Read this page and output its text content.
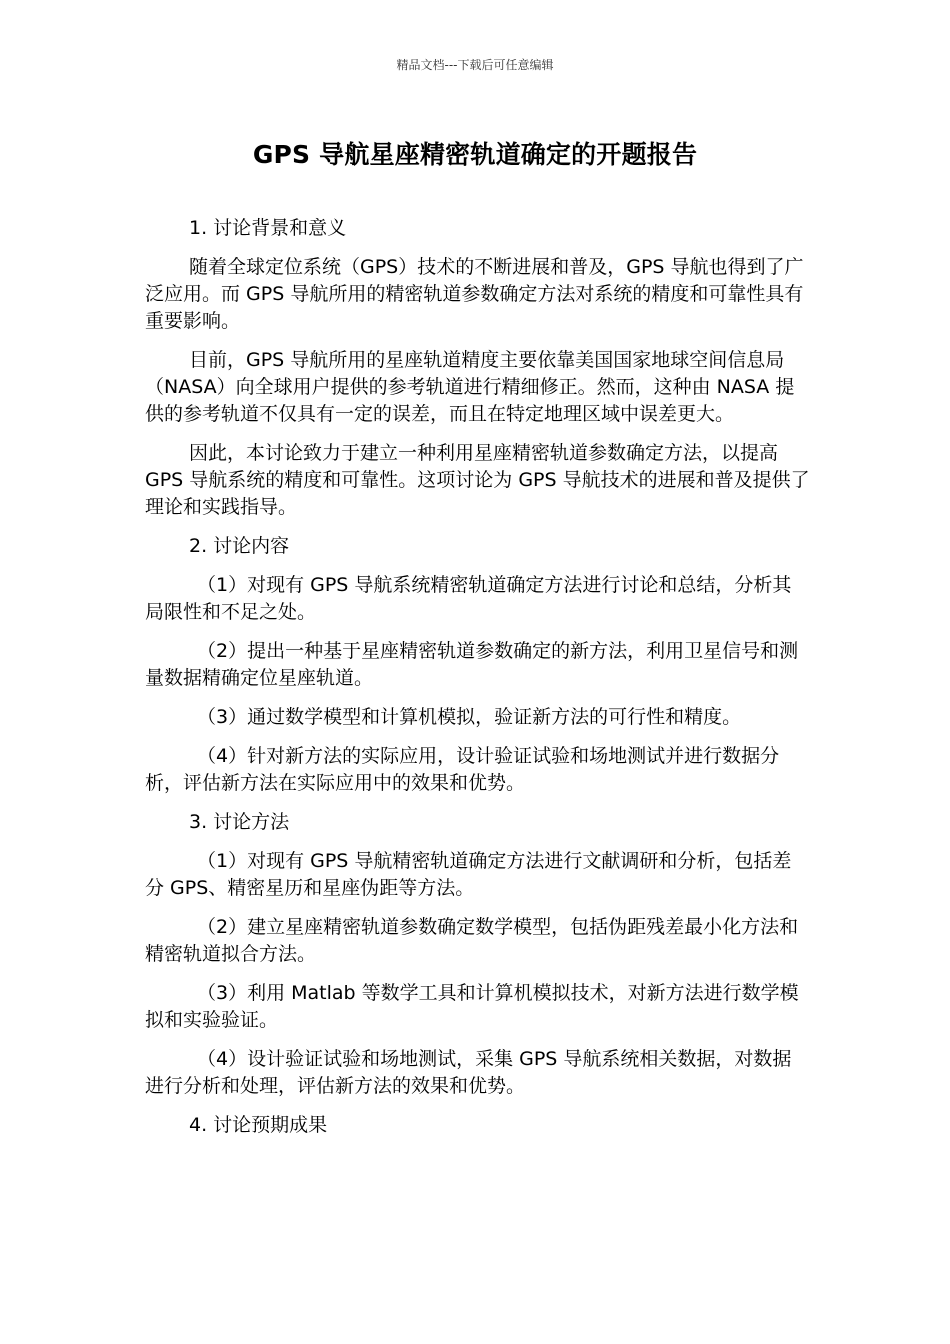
精品文档---下载后可任意编辑
GPS 导航星座精密轨道确定的开题报告

1. 讨论背景和意义

随着全球定位系统（GPS）技术的不断进展和普及，GPS 导航也得到了广泛应用。而 GPS 导航所用的精密轨道参数确定方法对系统的精度和可靠性具有重要影响。

目前，GPS 导航所用的星座轨道精度主要依靠美国国家地球空间信息局（NASA）向全球用户提供的参考轨道进行精细修正。然而，这种由 NASA 提供的参考轨道不仅具有一定的误差，而且在特定地理区域中误差更大。

因此，本讨论致力于建立一种利用星座精密轨道参数确定方法，以提高 GPS 导航系统的精度和可靠性。这项讨论为 GPS 导航技术的进展和普及提供了理论和实践指导。

2. 讨论内容

（1）对现有 GPS 导航系统精密轨道确定方法进行讨论和总结，分析其局限性和不足之处。

（2）提出一种基于星座精密轨道参数确定的新方法，利用卫星信号和测量数据精确定位星座轨道。

（3）通过数学模型和计算机模拟，验证新方法的可行性和精度。

（4）针对新方法的实际应用，设计验证试验和场地测试并进行数据分析，评估新方法在实际应用中的效果和优势。

3. 讨论方法

（1）对现有 GPS 导航精密轨道确定方法进行文献调研和分析，包括差分 GPS、精密星历和星座伪距等方法。

（2）建立星座精密轨道参数确定数学模型，包括伪距残差最小化方法和精密轨道拟合方法。

（3）利用 Matlab 等数学工具和计算机模拟技术，对新方法进行数学模拟和实验验证。

（4）设计验证试验和场地测试，采集 GPS 导航系统相关数据，对数据进行分析和处理，评估新方法的效果和优势。

4. 讨论预期成果
